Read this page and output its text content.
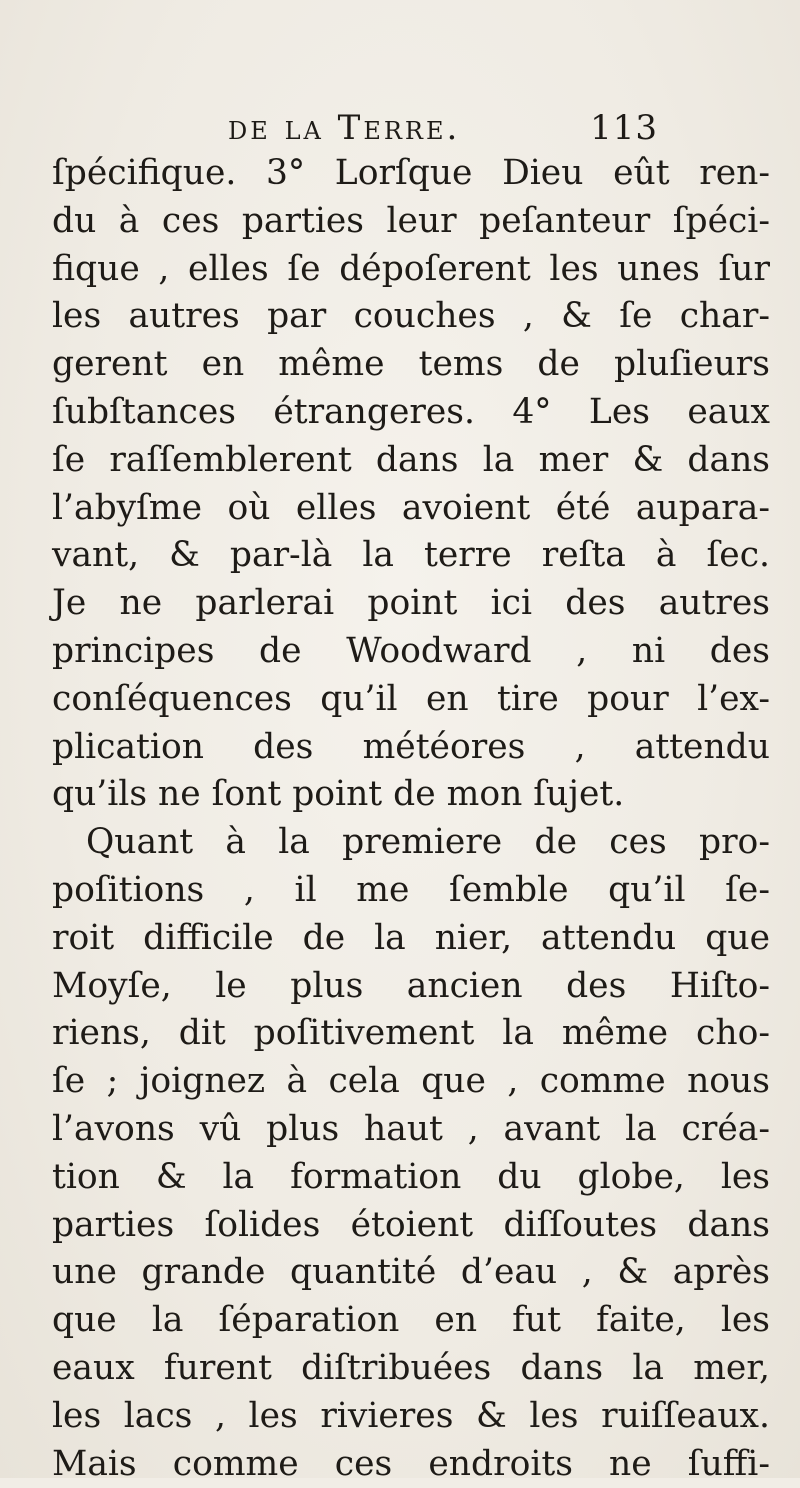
de la Terre.	113
ſpécifique. 3° Lorſque Dieu eût ren-
du à ces parties leur peſanteur ſpéci-
fique , elles ſe dépoſerent les unes ſur
les autres par couches , & ſe char-
gerent en même tems de pluſieurs
ſubſtances étrangeres. 4° Les eaux
ſe raſſemblerent dans la mer & dans
l’abyſme où elles avoient été aupara-
vant, & par-là la terre reſta à ſec.
Je ne parlerai point ici des autres
principes de Woodward , ni des
conſéquences qu’il en tire pour l’ex-
plication des météores , attendu
qu’ils ne ſont point de mon ſujet.
Quant à la premiere de ces pro-
poſitions , il me ſemble qu’il ſe-
roit difficile de la nier, attendu que
Moyſe, le plus ancien des Hiſto-
riens, dit poſitivement la même cho-
ſe ; joignez à cela que , comme nous
l’avons vû plus haut , avant la créa-
tion & la formation du globe, les
parties ſolides étoient diſſoutes dans
une grande quantité d’eau , & après
que la ſéparation en fut faite, les
eaux furent diſtribuées dans la mer,
les lacs , les rivieres & les ruiſſeaux.
Mais comme ces endroits ne ſuffi-
